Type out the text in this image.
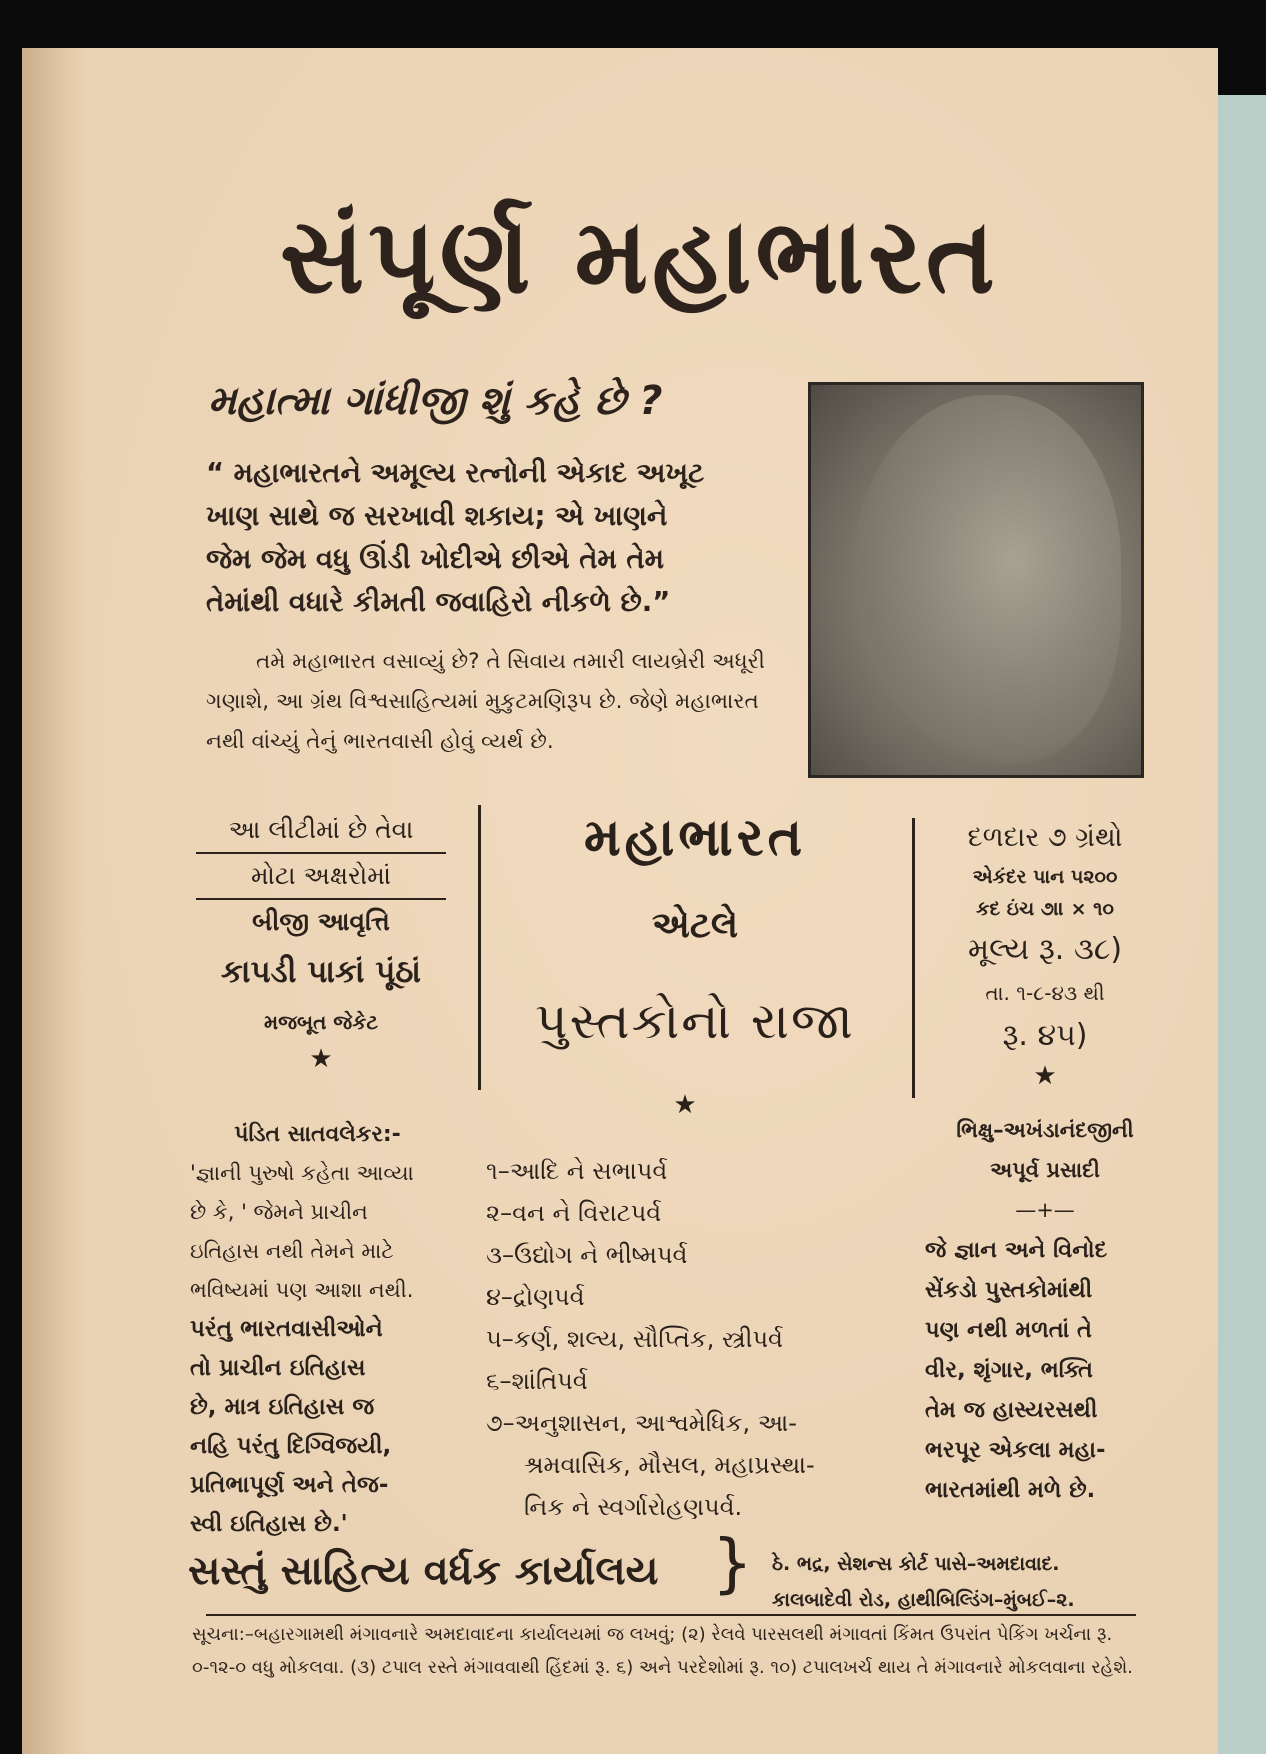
સંપૂર્ણ મહાભારત
મહાત્મા ગાંધીજી શું કહે છે ?
“ મહાભારતને અમૂલ્ય રત્નોની એકાદ અખૂટ
ખાણ સાથે જ સરખાવી શકાય; એ ખાણને
જેમ જેમ વધુ ઊંડી ખોદીએ છીએ તેમ તેમ
તેમાંથી વધારે કીમતી જવાહિરો નીકળે છે.”
તમે મહાભારત વસાવ્યું છે? તે સિવાય તમારી લાયબ્રેરી અધૂરી ગણાશે, આ ગ્રંથ વિશ્વસાહિત્યમાં મુકુટમણિરૂપ છે. જેણે મહાભારત નથી વાંચ્યું તેનું ભારતવાસી હોવું વ્યર્થ છે.
આ લીટીમાં છે તેવા
મોટા અક્ષરોમાં
બીજી આવૃત્તિ
કાપડી પાકાં પૂંઠાં
મજબૂત જેકેટ
★
મહાભારત
એટલે
પુસ્તકોનો રાજા
★
દળદાર ૭ ગ્રંથો
એકંદર પાન ૫૨૦૦
કદ ઇંચ ૭॥ × ૧૦
મૂલ્ય રૂ. ૩૮)
તા. ૧-૮-૪૩ થી
રૂ. ૪૫)
★
પંડિત સાતવલેકર:-
'જ્ઞાની પુરુષો કહેતા આવ્યા
છે કે, ' જેમને પ્રાચીન
ઇતિહાસ નથી તેમને માટે
ભવિષ્યમાં પણ આશા નથી.
પરંતુ ભારતવાસીઓને
તો પ્રાચીન ઇતિહાસ
છે, માત્ર ઇતિહાસ જ
નહિ પરંતુ દિગ્વિજયી,
પ્રતિભાપૂર્ણ અને તેજ-
સ્વી ઇતિહાસ છે.'
૧–આદિ ને સભાપર્વ
૨–વન ને વિરાટપર્વ
૩–ઉદ્યોગ ને ભીષ્મપર્વ
૪–દ્રોણપર્વ
૫–કર્ણ, શલ્ય, સૌપ્તિક, સ્ત્રીપર્વ
૬–શાંતિપર્વ
૭–અનુશાસન, આશ્વમેધિક, આ-
શ્રમવાસિક, મૌસલ, મહાપ્રસ્થા-
નિક ને સ્વર્ગારોહણપર્વ.
ભિક્ષુ–અખંડાનંદજીની
અપૂર્વ પ્રસાદી
—+—
જે જ્ઞાન અને વિનોદ
સેંકડો પુસ્તકોમાંથી
પણ નથી મળતાં તે
વીર, શૃંગાર, ભક્તિ
તેમ જ હાસ્યરસથી
ભરપૂર એકલા મહા-
ભારતમાંથી મળે છે.
સસ્તું સાહિત્ય વર્ધક કાર્યાલય } ઠે. ભદ્ર, સેશન્સ કોર્ટ પાસે–અમદાવાદ.
કાલબાદેવી રોડ, હાથીબિલ્ડિંગ–મુંબઈ–૨.
સૂચના:–બહારગામથી મંગાવનારે અમદાવાદના કાર્યાલયમાં જ લખવું; (૨) રેલવે પારસલથી મંગાવતાં કિંમત ઉપરાંત પેકિંગ ખર્ચના રૂ. ૦-૧૨-૦ વધુ મોકલવા. (૩) ટપાલ રસ્તે મંગાવવાથી હિંદમાં રૂ. ૬) અને પરદેશોમાં રૂ. ૧૦) ટપાલખર્ચ થાય તે મંગાવનારે મોકલવાના રહેશે.
